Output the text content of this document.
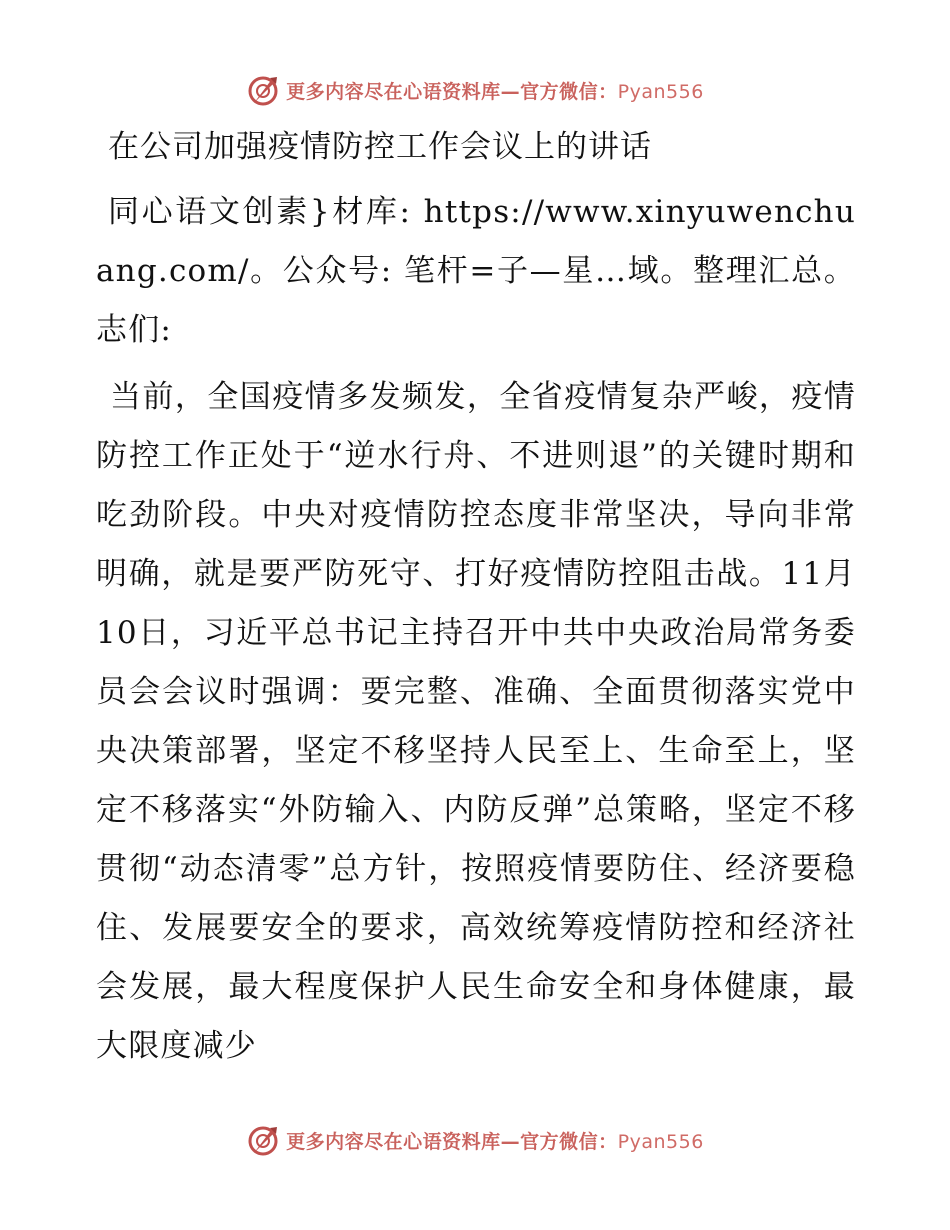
更多内容尽在心语资料库—官方微信：Pyan556

在公司加强疫情防控工作会议上的讲话

同心语文创素}材库: https://www.xinyuwenchuang.com/。公众号: 笔杆=子—星…域。整理汇总。志们:

当前，全国疫情多发频发，全省疫情复杂严峻，疫情防控工作正处于“逆水行舟、不进则退”的关键时期和吃劲阶段。中央对疫情防控态度非常坚决，导向非常明确，就是要严防死守、打好疫情防控阻击战。11月10日，习近平总书记主持召开中共中央政治局常务委员会会议时强调：要完整、准确、全面贯彻落实党中央决策部署，坚定不移坚持人民至上、生命至上，坚定不移落实“外防输入、内防反弹”总策略，坚定不移贯彻“动态清零”总方针，按照疫情要防住、经济要稳住、发展要安全的要求，高效统筹疫情防控和经济社会发展，最大程度保护人民生命安全和身体健康，最大限度减少

更多内容尽在心语资料库—官方微信：Pyan556
